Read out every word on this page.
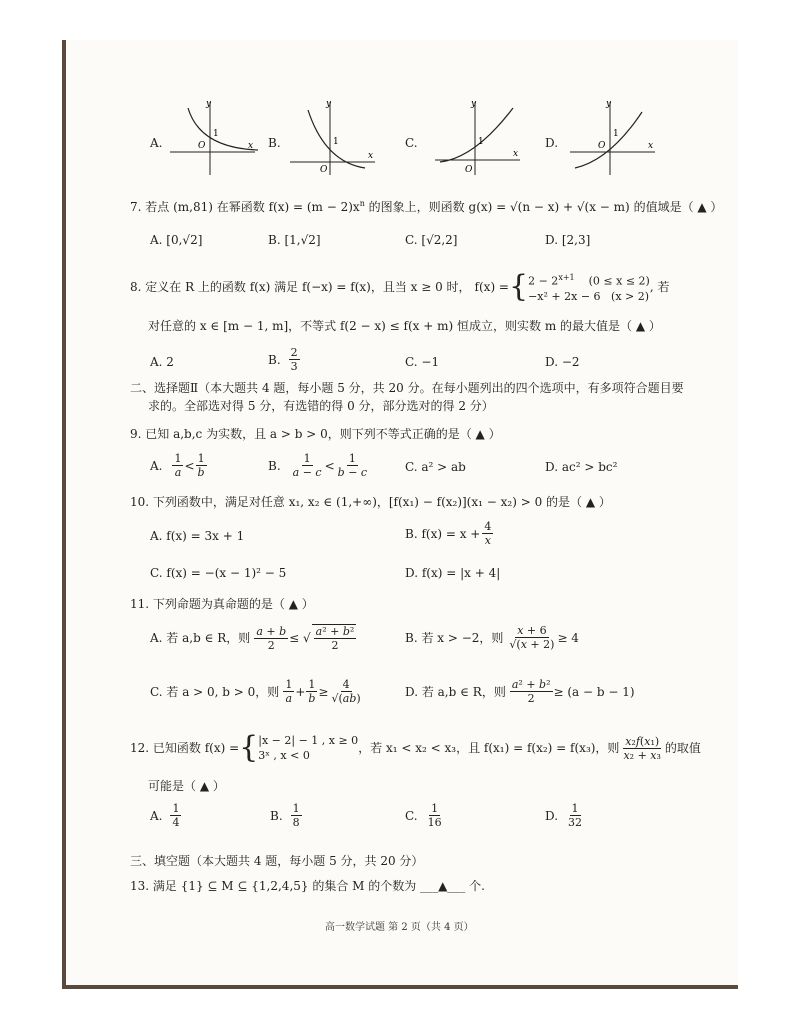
A.
y
x
O
1
B.
y
x
O
1	C.
y
x
O
1	D.
y
x
O
1
7. 若点 (m,81) 在幂函数 $f(x) = (m - 2)x^n$ 的图象上，则函数 g(x) = √(n − x) + √(x − m) 的值域是（ ▲ ）
A. [0,√2]	B. [1,√2]	C. [√2,2]	D. [2,3]
8. 定义在 R 上的函数 f(x) 满足 f(−x) = f(x)，且当 x ≥ 0 时， f(x) = { $2 - 2^{x+1}$ (0 ≤ x ≤ 2)
−x² + 2x − 6 (x > 2)
, 若
对任意的 x ∈ [m − 1, m]，不等式 f(2 − x) ≤ f(x + m) 恒成立，则实数 m 的最大值是（ ▲ ）
A. 2	B. $\frac{2}{3}$	C. −1	D. −2
二、选择题Ⅱ（本大题共 4 题，每小题 5 分，共 20 分。在每小题列出的四个选项中，有多项符合题目要
求的。全部选对得 5 分，有选错的得 0 分，部分选对的得 2 分）
9. 已知 a,b,c 为实数，且 a > b > 0，则下列不等式正确的是（ ▲ ）
A. $\frac{1}{a} < \frac{1}{b}$	B. $\frac{1}{a - c} < \frac{1}{b - c}$	C. a² > ab	D. ac² > bc²
10. 下列函数中，满足对任意 x₁, x₂ ∈ (1,+∞)，[f(x₁) − f(x₂)](x₁ − x₂) > 0 的是（ ▲ ）
A. f(x) = 3x + 1	B. $f(x) = x + \frac{4}{x}$
C. f(x) = −(x − 1)² − 5	D. f(x) = |x + 4|
11. 下列命题为真命题的是（ ▲ ）
A. 若 a,b ∈ R，则 $\frac{a + b}{2}$ ≤ √ $\frac{\text{a² + b²}}{2}$	B. 若 x > −2，则 $\frac{x + 6}{√(x + 2)} \ge 4$
C. 若 a > 0, b > 0，则 $\frac{1}{a} + \frac{1}{b} \ge \frac{4}{√(ab)}$	D. 若 a,b ∈ R，则 $\frac{\text{a² + b²}}{2} \ge (a - b - 1)$
12. 已知函数 f(x) = { |x − 2| − 1 , x ≥ 0
3ˣ , x < 0
，若 x₁ < x₂ < x₃，且 f(x₁) = f(x₂) = f(x₃)，则 $\frac{\text{x₂f(x₁)}}{\text{x₂ + x₃}}$ 的取值
可能是（ ▲ ）
A. $\frac{1}{4}$	B. $\frac{1}{8}$	C. $\frac{1}{16}$	D. $\frac{1}{32}$
三、填空题（本大题共 4 题，每小题 5 分，共 20 分）
13. 满足 {1} ⊆ M ⊆ {1,2,4,5} 的集合 M 的个数为 ___▲___ 个.
高一数学试题 第 2 页（共 4 页）
